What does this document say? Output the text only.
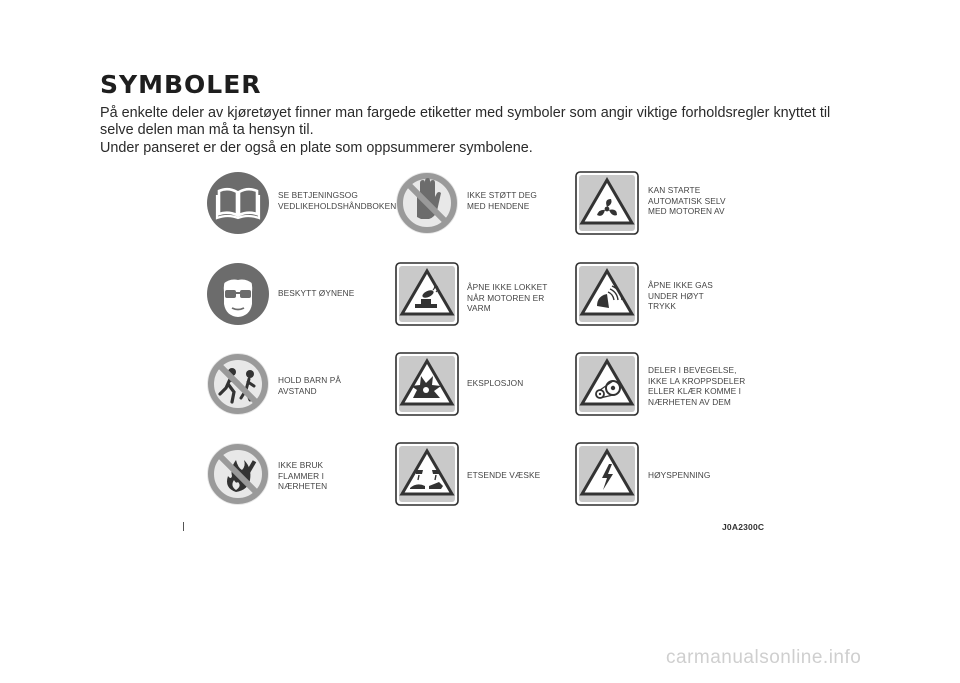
SYMBOLER

På enkelte deler av kjøretøyet finner man fargede etiketter med symboler som angir viktige forholdsregler knyttet til selve delen man må ta hensyn til.

Under panseret er der også en plate som oppsummerer symbolene.

SE BETJENINGSOG
VEDLIKEHOLDSHÅNDBOKEN
IKKE STØTT DEG
MED HENDENE
KAN STARTE
AUTOMATISK SELV
MED MOTOREN AV
BESKYTT ØYNENE
ÅPNE IKKE LOKKET
NÅR MOTOREN ER
VARM
ÅPNE IKKE GAS
UNDER HØYT
TRYKK
HOLD BARN PÅ
AVSTAND
EKSPLOSJON
DELER I BEVEGELSE,
IKKE LA KROPPSDELER
ELLER KLÆR KOMME I
NÆRHETEN AV DEM
IKKE BRUK
FLAMMER I
NÆRHETEN
ETSENDE VÆSKE	HØYSPENNING
J0A2300C
carmanualsonline.info
